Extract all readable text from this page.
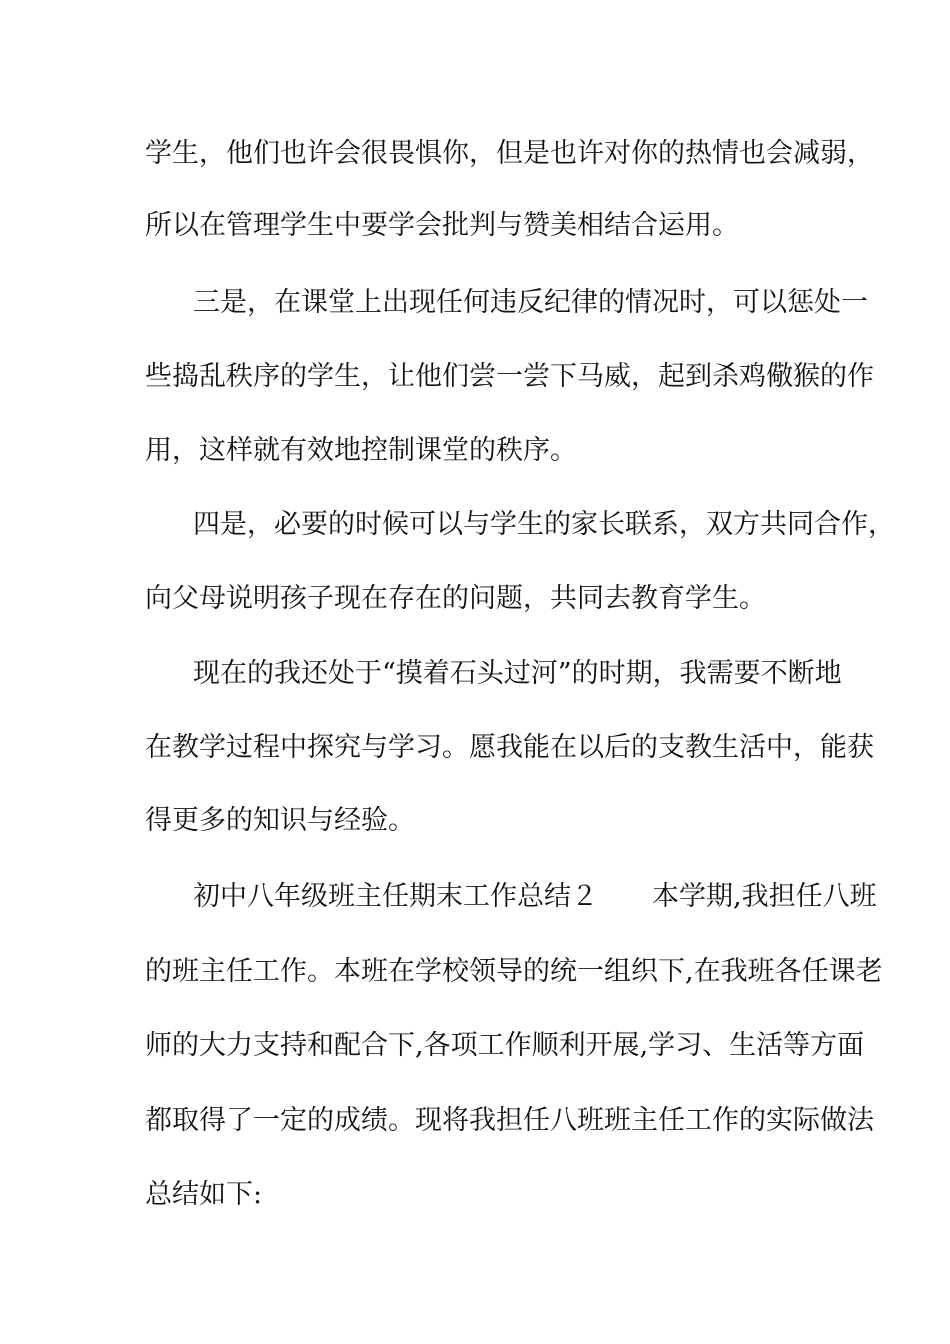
学生，他们也许会很畏惧你，但是也许对你的热情也会减弱，
所以在管理学生中要学会批判与赞美相结合运用。
三是，在课堂上出现任何违反纪律的情况时，可以惩处一
些捣乱秩序的学生，让他们尝一尝下马威，起到杀鸡儆猴的作
用，这样就有效地控制课堂的秩序。
四是，必要的时候可以与学生的家长联系，双方共同合作，
向父母说明孩子现在存在的问题，共同去教育学生。
现在的我还处于“摸着石头过河”的时期，我需要不断地
在教学过程中探究与学习。愿我能在以后的支教生活中，能获
得更多的知识与经验。
初中八年级班主任期末工作总结２　　本学期,我担任八班
的班主任工作。本班在学校领导的统一组织下,在我班各任课老
师的大力支持和配合下,各项工作顺利开展,学习、生活等方面
都取得了一定的成绩。现将我担任八班班主任工作的实际做法
总结如下:
